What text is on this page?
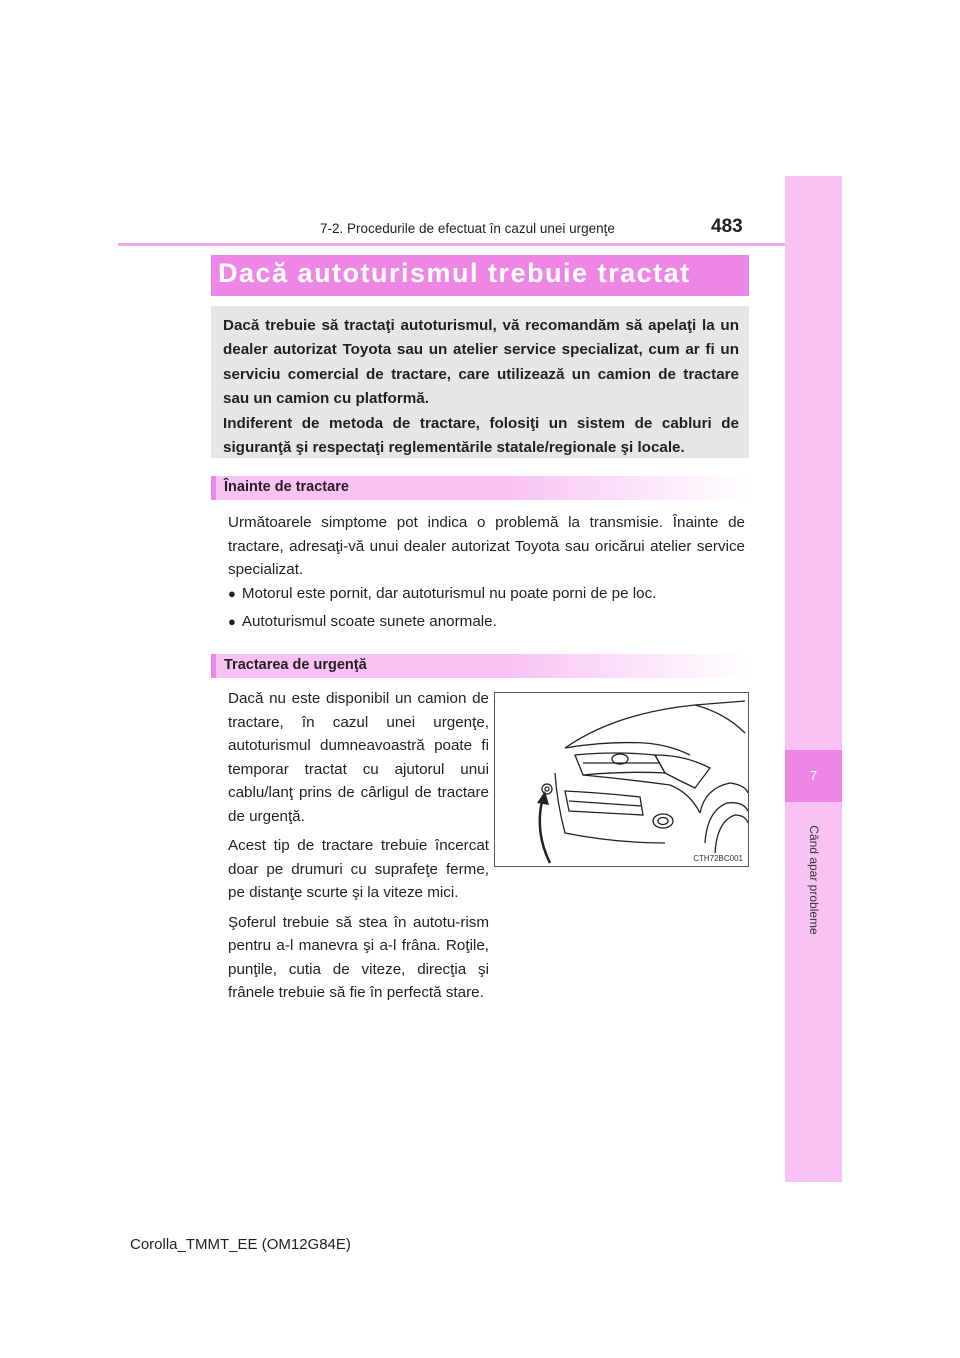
7
Când apar probleme
7-2. Procedurile de efectuat în cazul unei urgenţe	483
Dacă autoturismul trebuie tractat

Dacă trebuie să tractaţi autoturismul, vă recomandăm să apelaţi la un dealer autorizat Toyota sau un atelier service specializat, cum ar fi un serviciu comercial de tractare, care utilizează un camion de tractare sau un camion cu platformă.

Indiferent de metoda de tractare, folosiţi un sistem de cabluri de siguranţă şi respectaţi reglementările statale/regionale şi locale.

Înainte de tractare

Următoarele simptome pot indica o problemă la transmisie. Înainte de tractare, adresaţi-vă unui dealer autorizat Toyota sau oricărui atelier service specializat.

● Motorul este pornit, dar autoturismul nu poate porni de pe loc.
● Autoturismul scoate sunete anormale.
Tractarea de urgenţă

Dacă nu este disponibil un camion de tractare, în cazul unei urgenţe, autoturismul dumneavoastră poate fi temporar tractat cu ajutorul unui cablu/lanţ prins de cârligul de tractare de urgenţă.

Acest tip de tractare trebuie încercat doar pe drumuri cu suprafeţe ferme, pe distanţe scurte şi la viteze mici.

Şoferul trebuie să stea în autotu-rism pentru a-l manevra şi a-l frâna. Roţile, punţile, cutia de viteze, direcţia şi frânele trebuie să fie în perfectă stare.

CTH72BC001
Corolla_TMMT_EE (OM12G84E)
